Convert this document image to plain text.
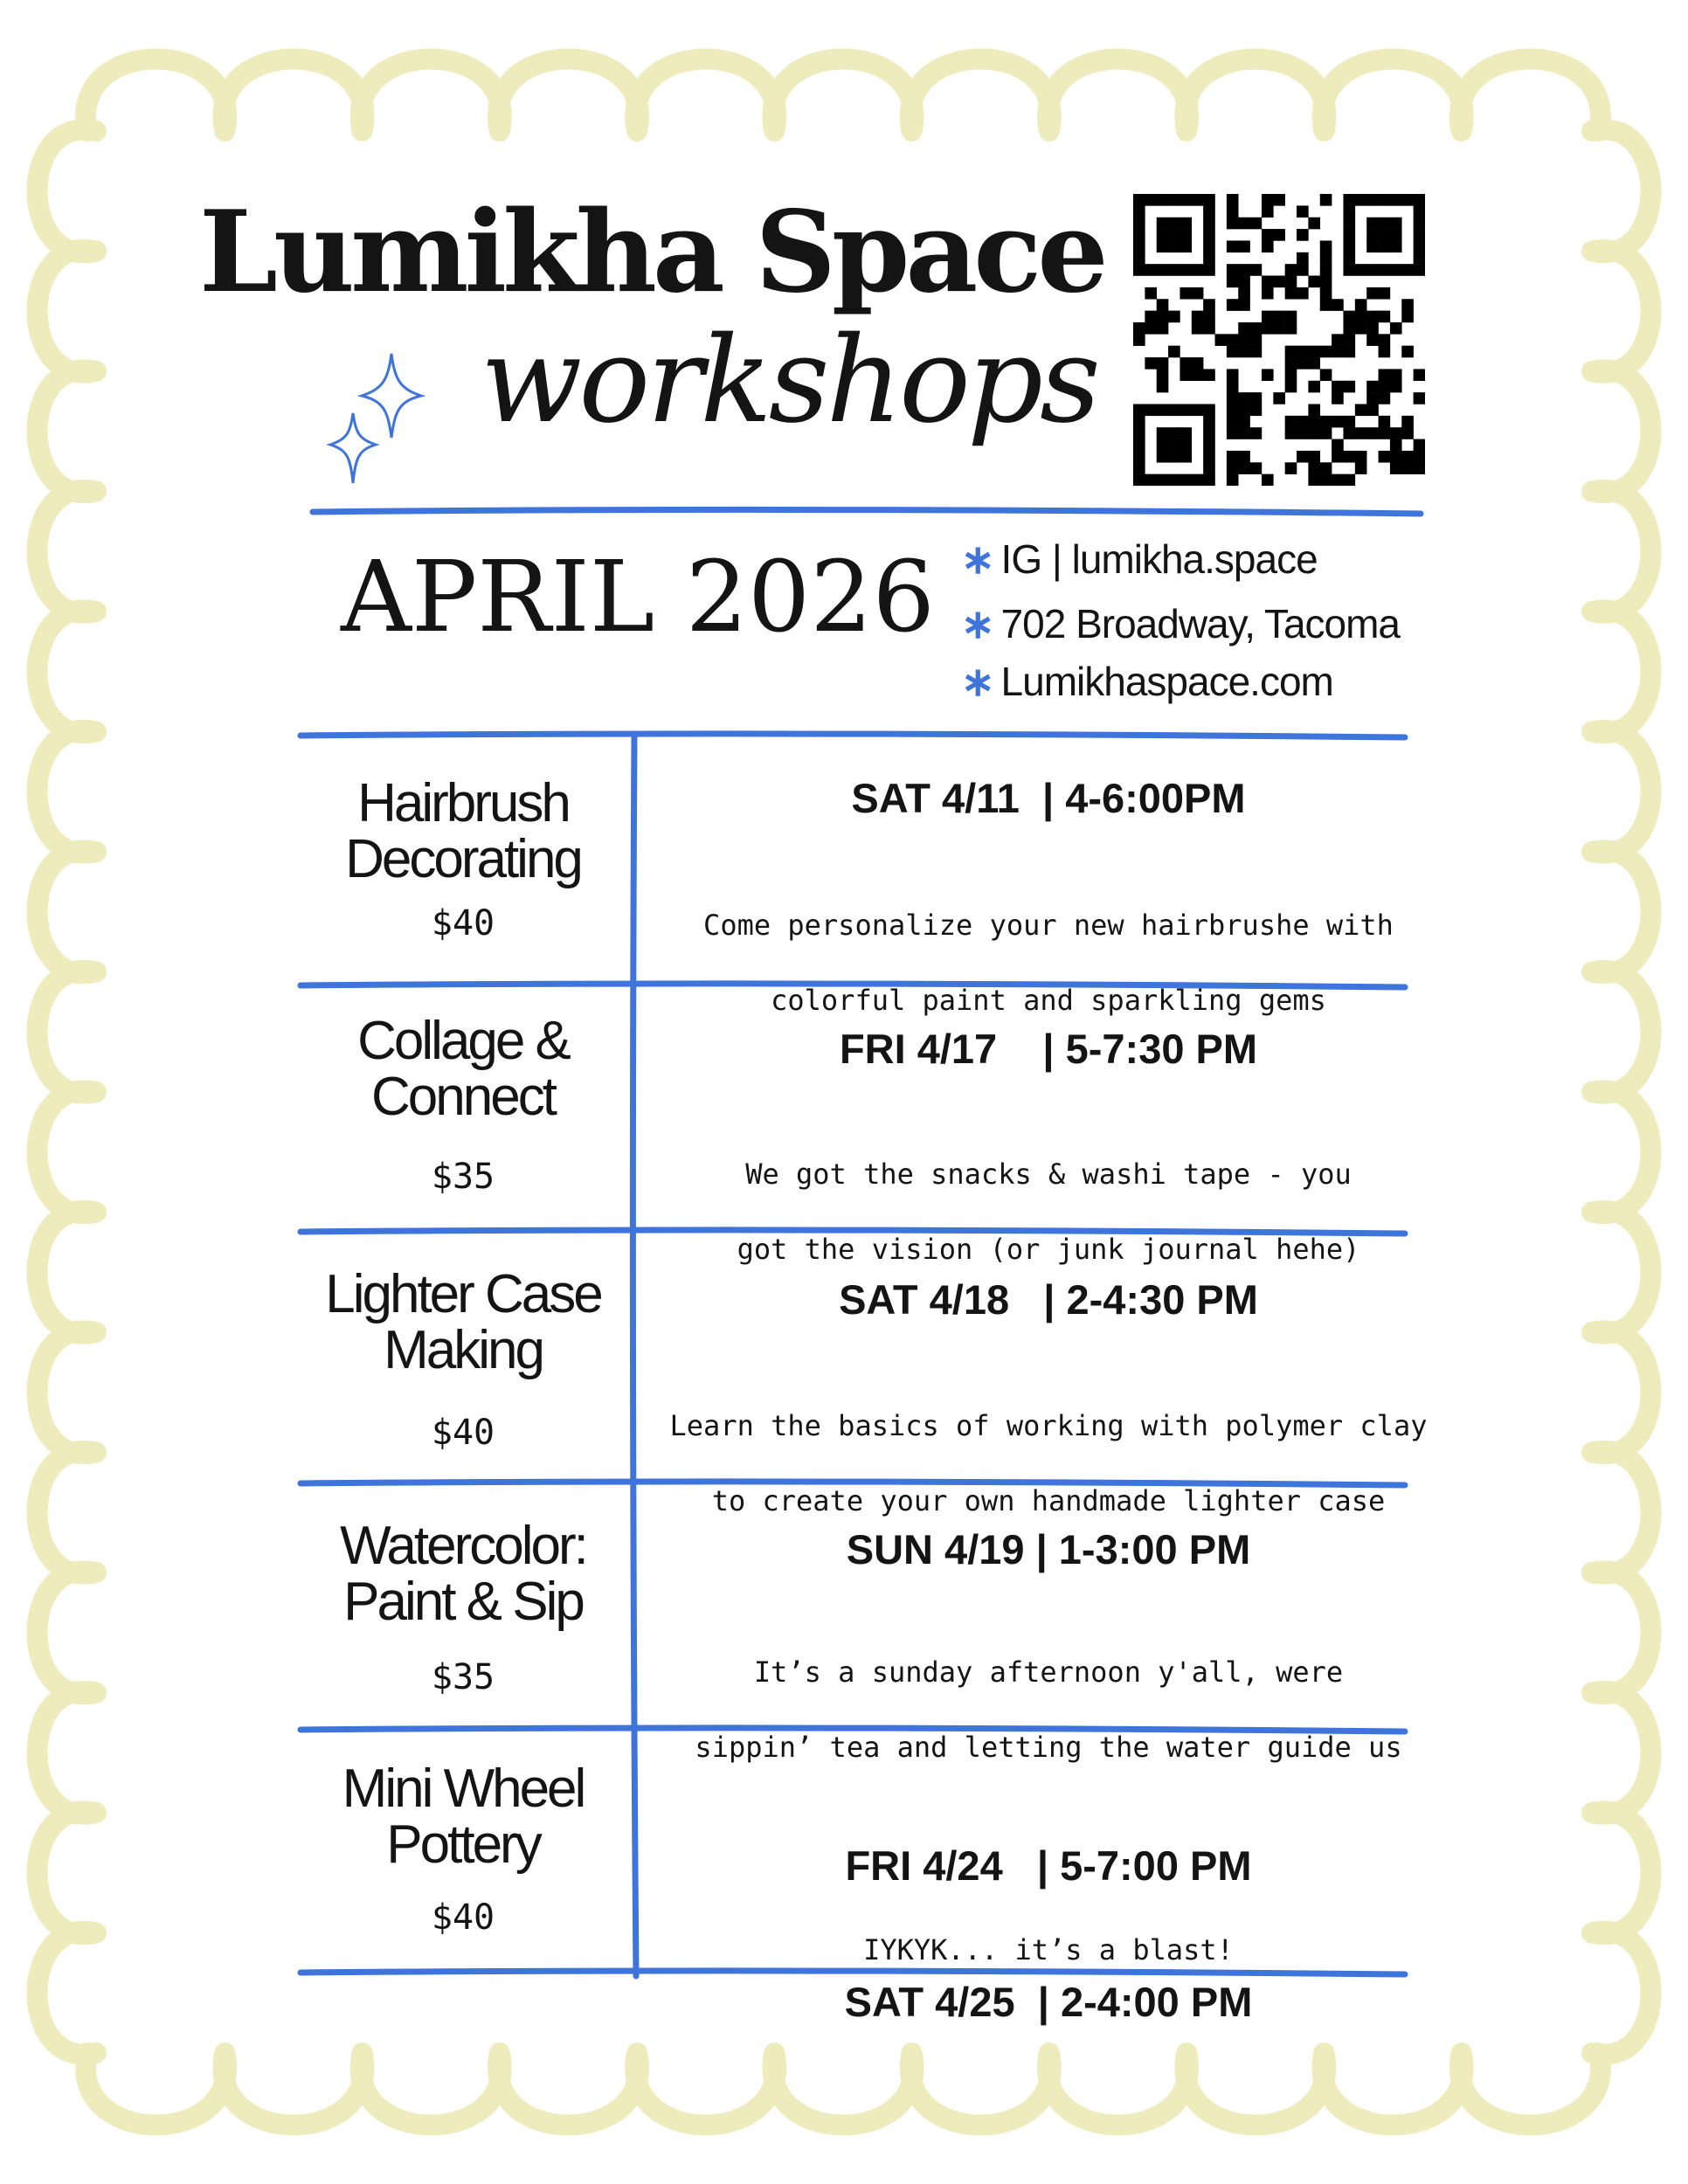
Lumikha Space
workshops
APRIL 2026 ∗ IG | lumikha.space
∗ 702 Broadway, Tacoma
∗ Lumikhaspace.com
Hairbrush
Decorating
$40
SAT 4/11  | 4-6:00PM

Come personalize your new hairbrushe with

colorful paint and sparkling gems

Collage &
Connect
$35
FRI 4/17    | 5-7:30 PM

We got the snacks & washi tape - you

got the vision (or junk journal hehe)

Lighter Case
Making
$40
SAT 4/18   | 2-4:30 PM

Learn the basics of working with polymer clay

to create your own handmade lighter case

Watercolor:
Paint & Sip
$35
SUN 4/19 | 1-3:00 PM

It’s a sunday afternoon y'all, were

sippin’ tea and letting the water guide us

Mini Wheel
Pottery
$40

FRI 4/24   | 5-7:00 PM

SAT 4/25  | 2-4:00 PM

IYKYK... it’s a blast!
